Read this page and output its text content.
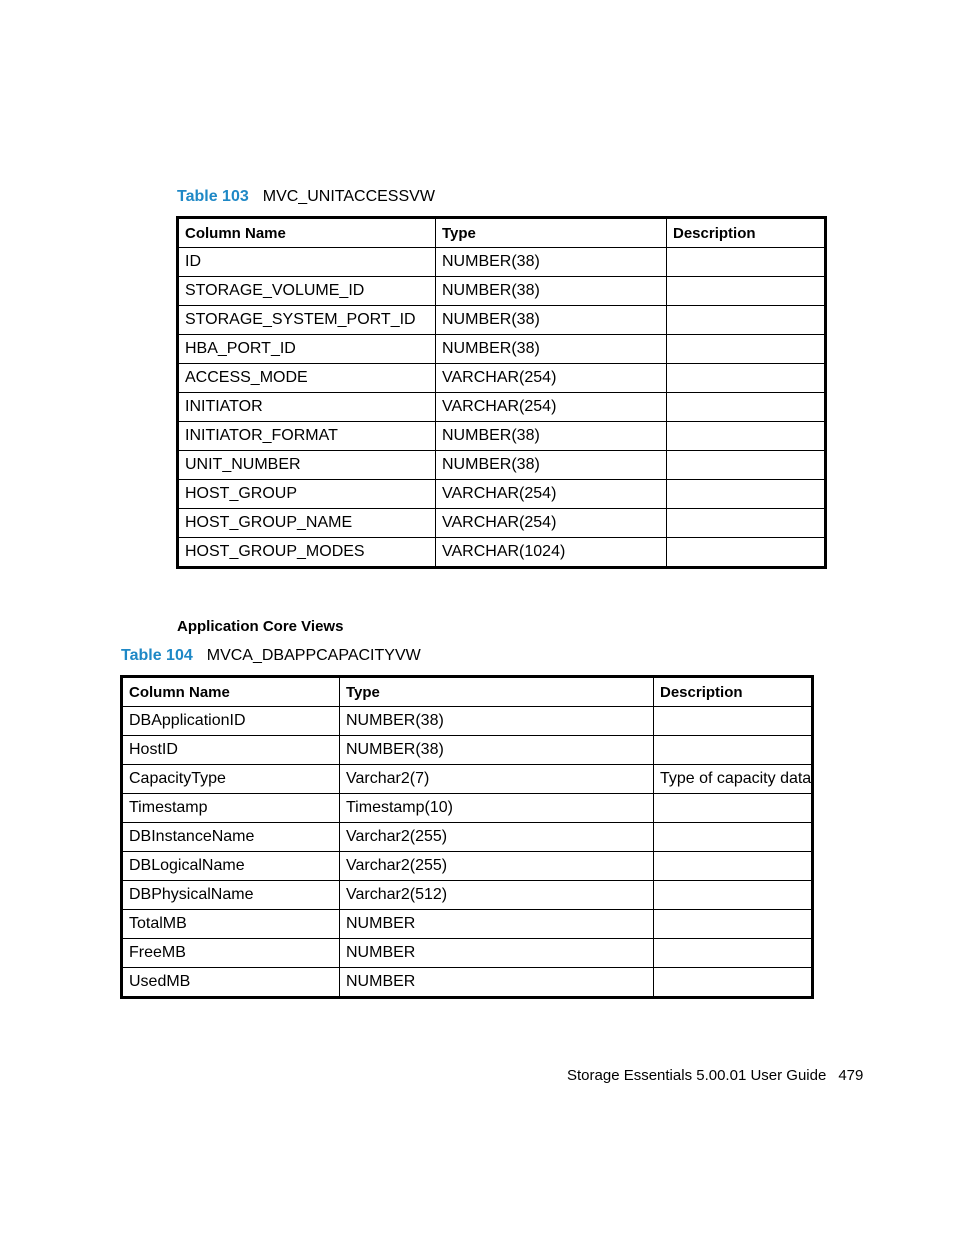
Table 103 MVC_UNITACCESSVW
Column Name	Type	Description
ID	NUMBER(38)	
STORAGE_VOLUME_ID	NUMBER(38)	
STORAGE_SYSTEM_PORT_ID	NUMBER(38)	
HBA_PORT_ID	NUMBER(38)	
ACCESS_MODE	VARCHAR(254)	
INITIATOR	VARCHAR(254)	
INITIATOR_FORMAT	NUMBER(38)	
UNIT_NUMBER	NUMBER(38)	
HOST_GROUP	VARCHAR(254)	
HOST_GROUP_NAME	VARCHAR(254)	
HOST_GROUP_MODES	VARCHAR(1024)	
Application Core Views
Table 104 MVCA_DBAPPCAPACITYVW
Column Name	Type	Description
DBApplicationID	NUMBER(38)	
HostID	NUMBER(38)	
CapacityType	Varchar2(7)	Type of capacity data
Timestamp	Timestamp(10)	
DBInstanceName	Varchar2(255)	
DBLogicalName	Varchar2(255)	
DBPhysicalName	Varchar2(512)	
TotalMB	NUMBER	
FreeMB	NUMBER	
UsedMB	NUMBER	
Storage Essentials 5.00.01 User Guide 479
